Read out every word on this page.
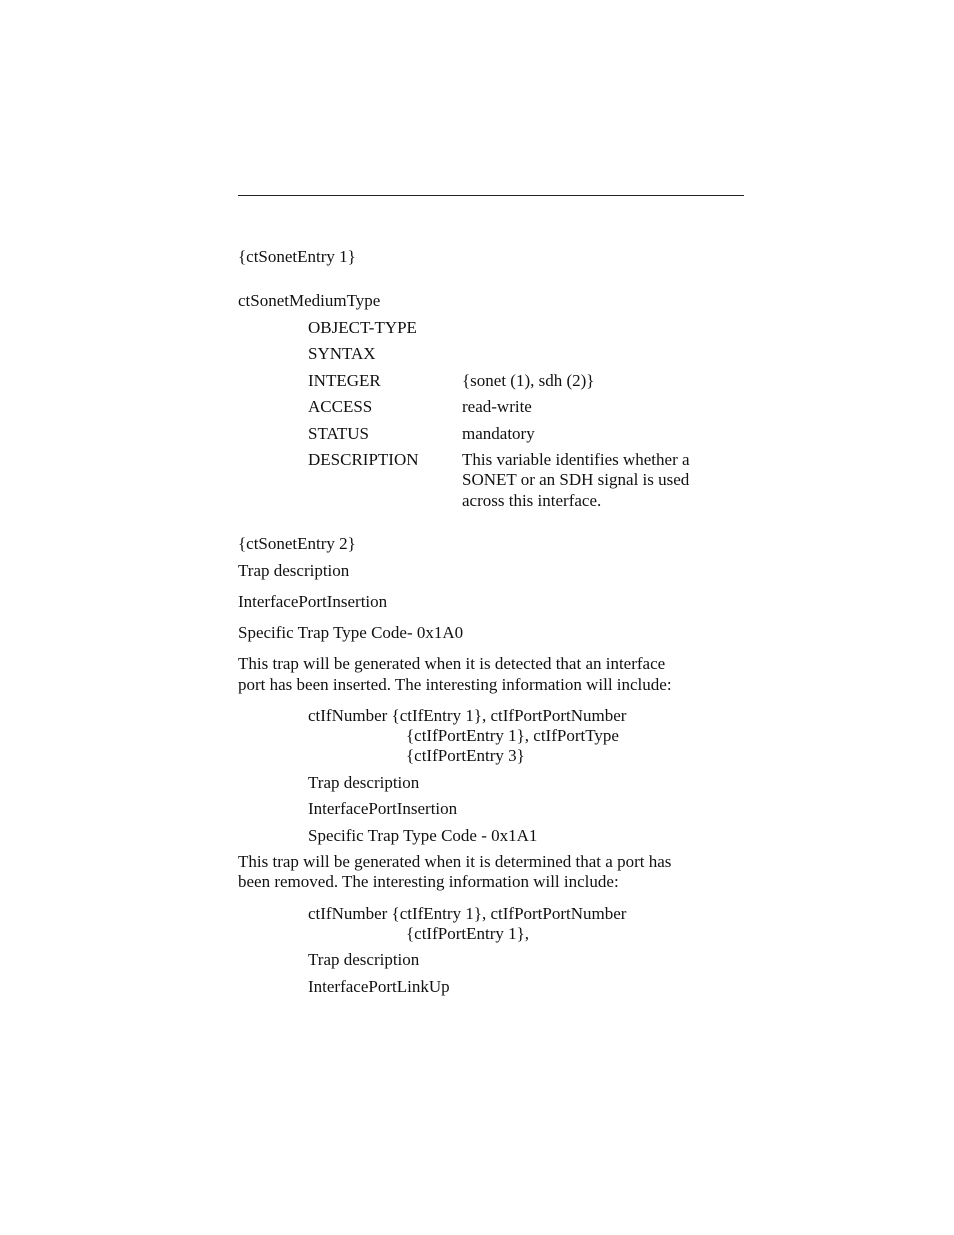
{ctSonetEntry 1}
ctSonetMediumType
OBJECT-TYPE
SYNTAX
INTEGER	{sonet (1), sdh (2)}
ACCESS	read-write
STATUS	mandatory
DESCRIPTION	This variable identifies whether a
SONET or an SDH signal is used
across this interface.
{ctSonetEntry 2}
Trap description
InterfacePortInsertion
Specific Trap Type Code- 0x1A0
This trap will be generated when it is detected that an interface
port has been inserted. The interesting information will include:
ctIfNumber {ctIfEntry 1}, ctIfPortPortNumber
{ctIfPortEntry 1}, ctIfPortType
{ctIfPortEntry 3}
Trap description
InterfacePortInsertion
Specific Trap Type Code - 0x1A1
This trap will be generated when it is determined that a port has
been removed. The interesting information will include:
ctIfNumber {ctIfEntry 1}, ctIfPortPortNumber
{ctIfPortEntry 1},
Trap description
InterfacePortLinkUp
